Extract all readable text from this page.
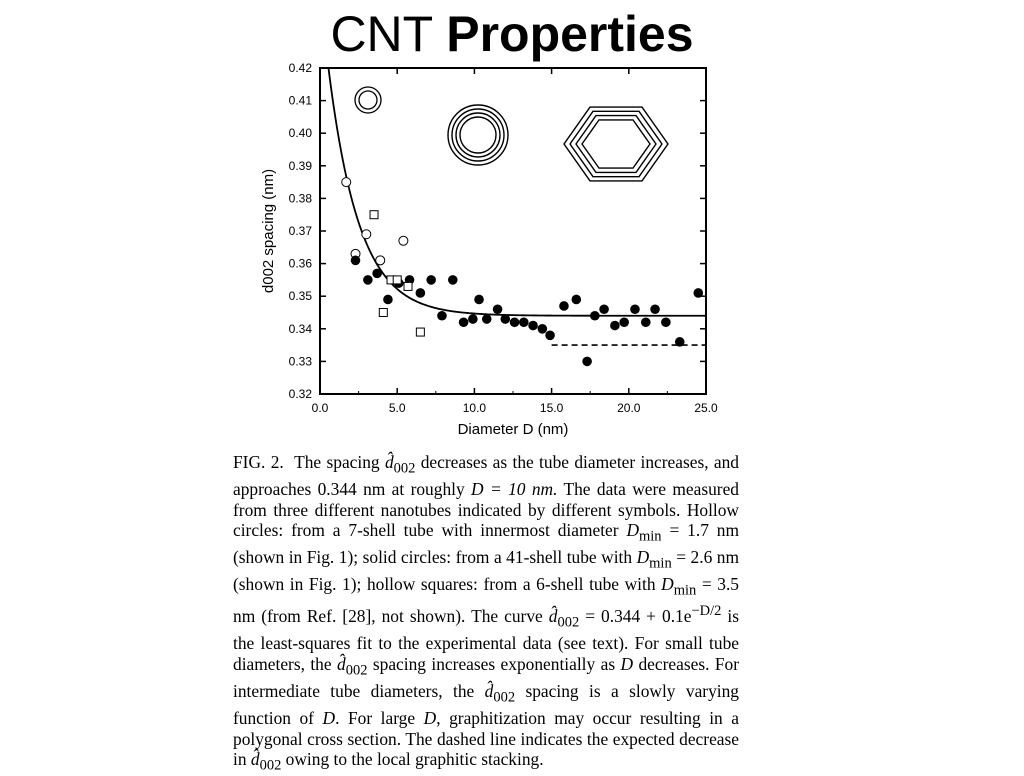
CNT Properties
0.0	5.0	10.0	15.0	20.0	25.0
0.32
0.33
0.34
0.35
0.36
0.37
0.38
0.39
0.40
0.41
0.42
Diameter D (nm)
d002 spacing (nm)

FIG. 2. The spacing $d̂_{002}$ decreases as the tube diameter increases, and approaches 0.344 nm at roughly D = 10 nm. The data were measured from three different nanotubes indicated by different symbols. Hollow circles: from a 7-shell tube with innermost diameter $D_{min} = 1.7$ nm (shown in Fig. 1); solid circles: from a 41-shell tube with $D_{min} = 2.6$ nm (shown in Fig. 1); hollow squares: from a 6-shell tube with $D_{min} = 3.5$ nm (from Ref. [28], not shown). The curve $d̂_{002} = 0.344 + 0.1e^{-D/2}$ is the least-squares fit to the experimental data (see text). For small tube diameters, the $d̂_{002}$ spacing increases exponentially as D decreases. For intermediate tube diameters, the $d̂_{002}$ spacing is a slowly varying function of D. For large D, graphitization may occur resulting in a polygonal cross section. The dashed line indicates the expected decrease in $d̂_{002}$ owing to the local graphitic stacking.
